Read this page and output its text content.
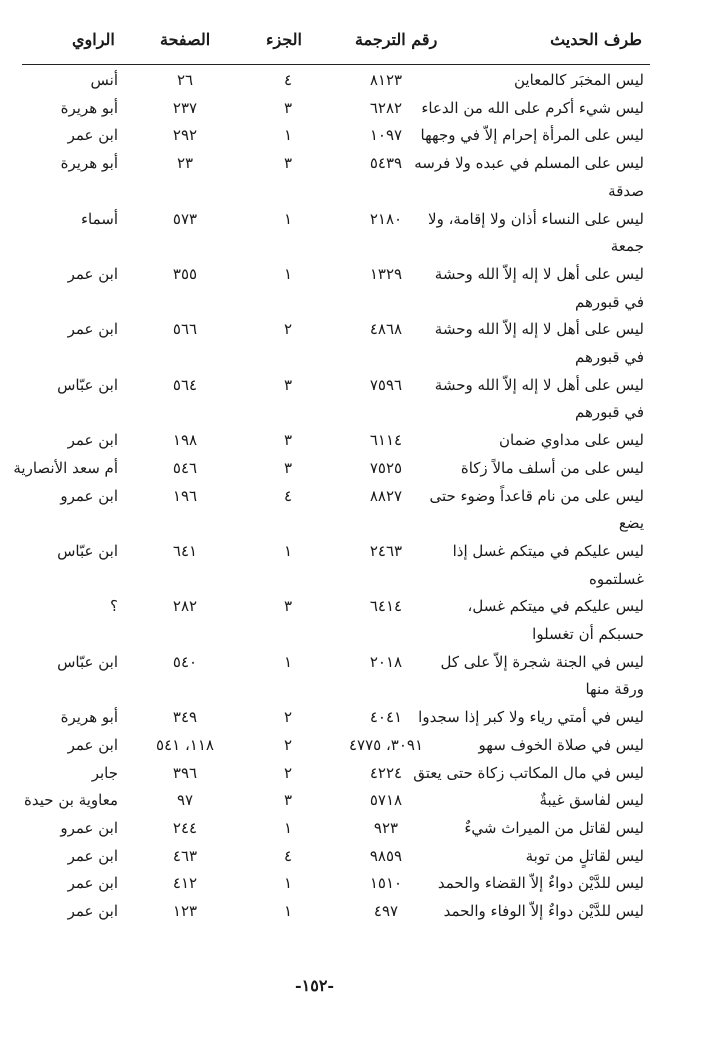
طرف الحديث
رقم الترجمة
الجزء
الصفحة
الراوي
ليس المخبَر كالمعاين
٨١٢٣
٤
٢٦
أنس
ليس شيء أكرم على الله من الدعاء
٦٢٨٢
٣
٢٣٧
أبو هريرة
ليس على المرأة إحرام إلاّ في وجهها
١٠٩٧
١
٢٩٢
ابن عمر
ليس على المسلم في عبده ولا فرسه
صدقة
٥٤٣٩
٣
٢٣
أبو هريرة
ليس على النساء أذان ولا إقامة، ولا
جمعة
٢١٨٠
١
٥٧٣
أسماء
ليس على أهل لا إله إلاّ الله وحشة
في قبورهم
١٣٢٩
١
٣٥٥
ابن عمر
ليس على أهل لا إله إلاّ الله وحشة
في قبورهم
٤٨٦٨
٢
٥٦٦
ابن عمر
ليس على أهل لا إله إلاّ الله وحشة
في قبورهم
٧٥٩٦
٣
٥٦٤
ابن عبّاس
ليس على مداوي ضمان
٦١١٤
٣
١٩٨
ابن عمر
ليس على من أسلف مالاً زكاة
٧٥٢٥
٣
٥٤٦
أم سعد الأنصارية
ليس على من نام قاعداً وضوء حتى
يضع
٨٨٢٧
٤
١٩٦
ابن عمرو
ليس عليكم في ميتكم غسل إذا
غسلتموه
٢٤٦٣
١
٦٤١
ابن عبّاس
ليس عليكم في ميتكم غسل،
حسبكم أن تغسلوا
٦٤١٤
٣
٢٨٢
؟
ليس في الجنة شجرة إلاّ على كل
ورقة منها
٢٠١٨
١
٥٤٠
ابن عبّاس
ليس في أمتي رياء ولا كبر إذا سجدوا
٤٠٤١
٢
٣٤٩
أبو هريرة
ليس في صلاة الخوف سهو
٣٠٩١، ٤٧٧٥
٢
١١٨، ٥٤١
ابن عمر
ليس في مال المكاتب زكاة حتى يعتق
٤٢٢٤
٢
٣٩٦
جابر
ليس لفاسق غيبةٌ
٥٧١٨
٣
٩٧
معاوية بن حيدة
ليس لقاتل من الميراث شيءٌ
٩٢٣
١
٢٤٤
ابن عمرو
ليس لقاتلٍ من توبة
٩٨٥٩
٤
٤٦٣
ابن عمر
ليس للدَّيْن دواءٌ إلاّ القضاء والحمد
١٥١٠
١
٤١٢
ابن عمر
ليس للدَّيْن دواءٌ إلاّ الوفاء والحمد
٤٩٧
١
١٢٣
ابن عمر
-١٥٢-
